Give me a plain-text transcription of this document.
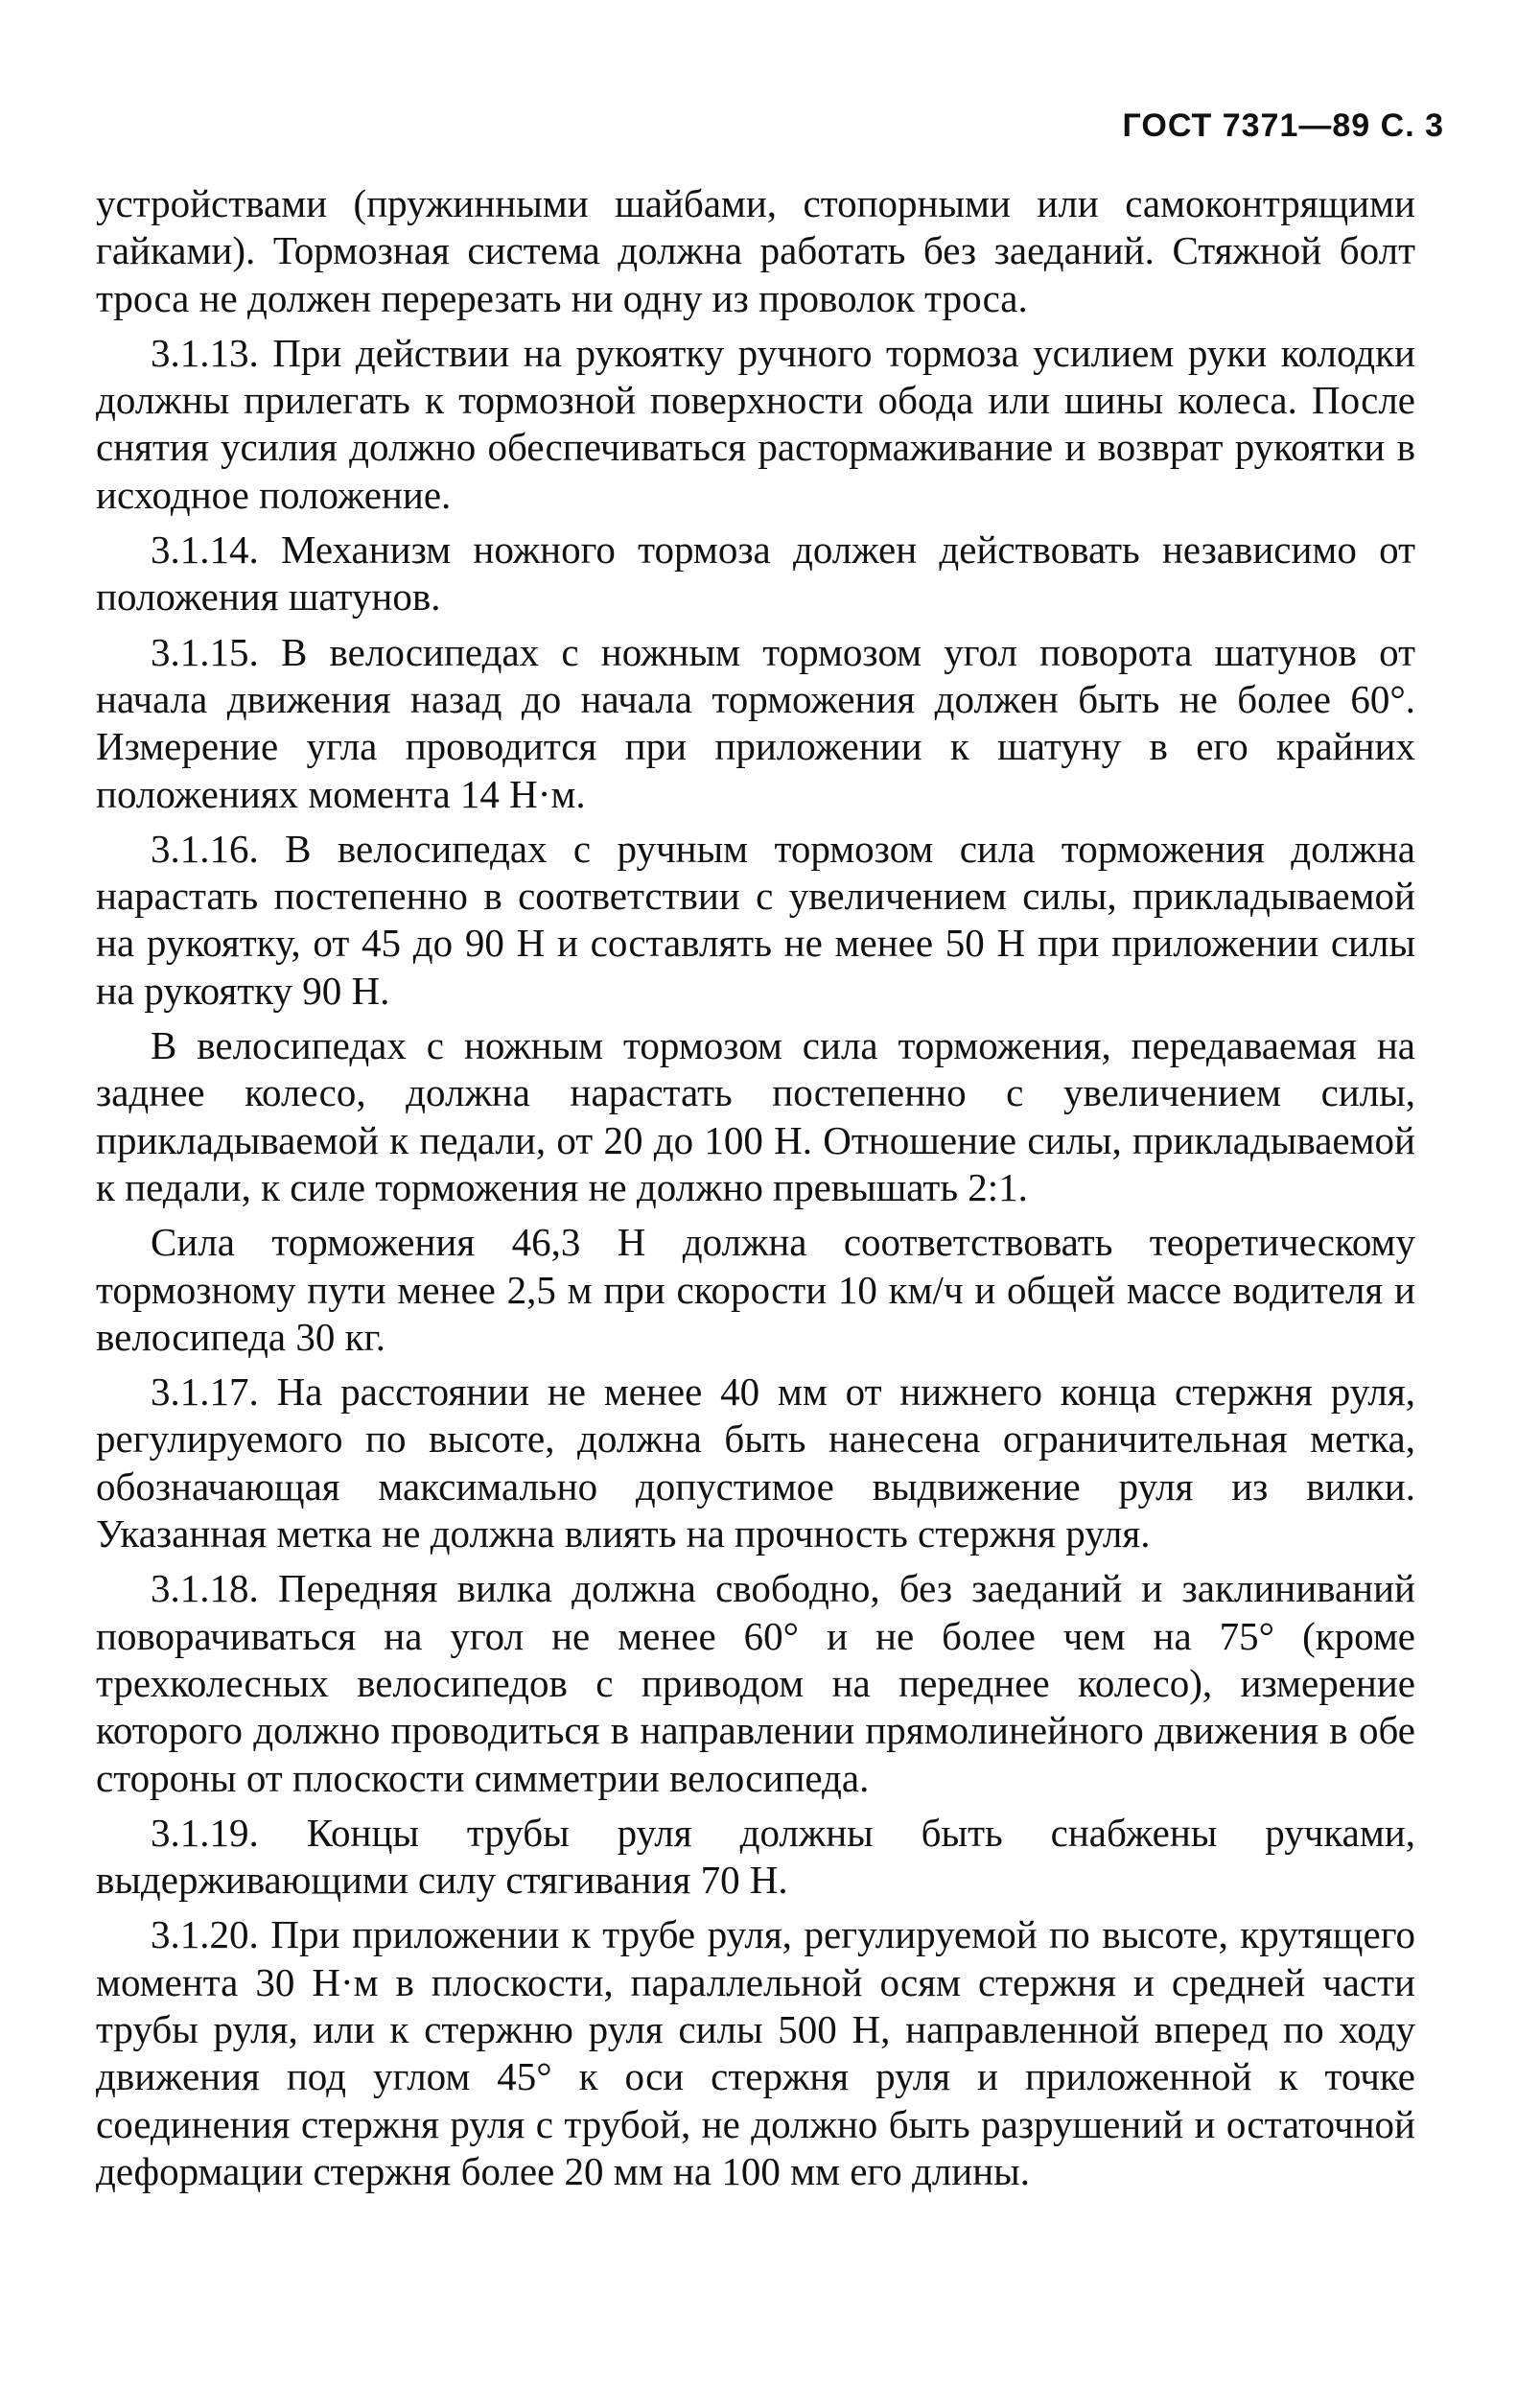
ГОСТ 7371—89 С. 3

устройствами (пружинными шайбами, стопорными или самоконтрящими гайками). Тормозная система должна работать без заеданий. Стяжной болт троса не должен перерезать ни одну из проволок троса.

3.1.13. При действии на рукоятку ручного тормоза усилием руки колодки должны прилегать к тормозной поверхности обода или шины колеса. После снятия усилия должно обеспечиваться растормаживание и возврат рукоятки в исходное положение.

3.1.14. Механизм ножного тормоза должен действовать независимо от положения шатунов.

3.1.15. В велосипедах с ножным тормозом угол поворота шатунов от начала движения назад до начала торможения должен быть не более 60°. Измерение угла проводится при приложении к шатуну в его крайних положениях момента 14 Н·м.

3.1.16. В велосипедах с ручным тормозом сила торможения должна нарастать постепенно в соответствии с увеличением силы, прикладываемой на рукоятку, от 45 до 90 Н и составлять не менее 50 Н при приложении силы на рукоятку 90 Н.

В велосипедах с ножным тормозом сила торможения, передаваемая на заднее колесо, должна нарастать постепенно с увеличением силы, прикладываемой к педали, от 20 до 100 Н. Отношение силы, прикладываемой к педали, к силе торможения не должно превышать 2:1.

Сила торможения 46,3 Н должна соответствовать теоретическому тормозному пути менее 2,5 м при скорости 10 км/ч и общей массе водителя и велосипеда 30 кг.

3.1.17. На расстоянии не менее 40 мм от нижнего конца стержня руля, регулируемого по высоте, должна быть нанесена ограничительная метка, обозначающая максимально допустимое выдвижение руля из вилки. Указанная метка не должна влиять на прочность стержня руля.

3.1.18. Передняя вилка должна свободно, без заеданий и заклиниваний поворачиваться на угол не менее 60° и не более чем на 75° (кроме трехколесных велосипедов с приводом на переднее колесо), измерение которого должно проводиться в направлении прямолинейного движения в обе стороны от плоскости симметрии велосипеда.

3.1.19. Концы трубы руля должны быть снабжены ручками, выдерживающими силу стягивания 70 Н.

3.1.20. При приложении к трубе руля, регулируемой по высоте, крутящего момента 30 Н·м в плоскости, параллельной осям стержня и средней части трубы руля, или к стержню руля силы 500 Н, направленной вперед по ходу движения под углом 45° к оси стержня руля и приложенной к точке соединения стержня руля с трубой, не должно быть разрушений и остаточной деформации стержня более 20 мм на 100 мм его длины.
